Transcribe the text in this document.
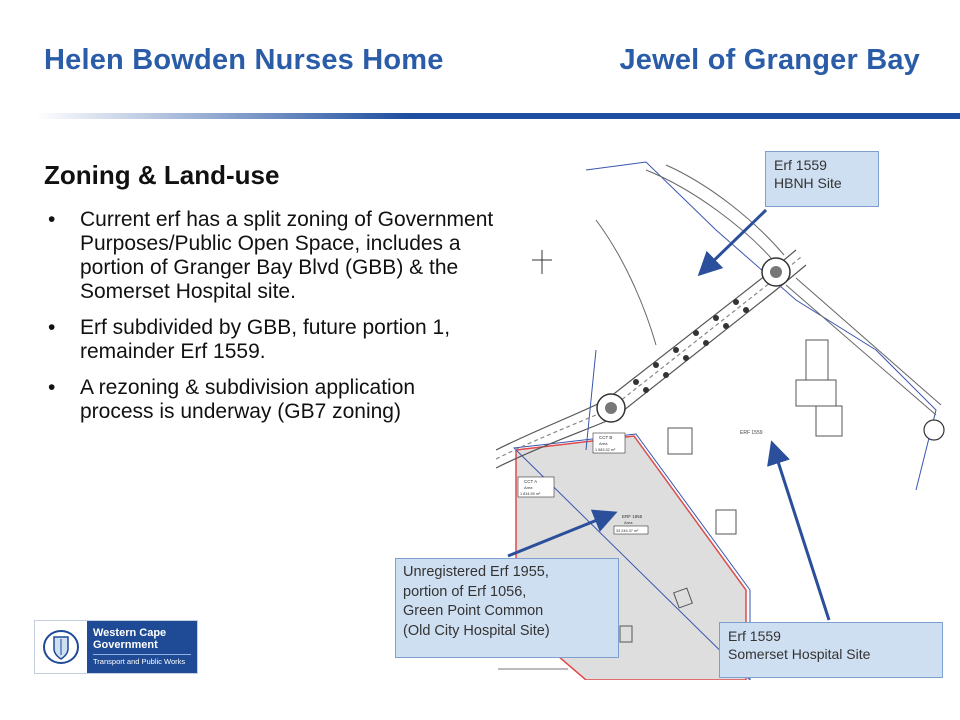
Helen Bowden Nurses Home	Jewel of Granger Bay
Zoning & Land-use
• Current erf has a split zoning of Government Purposes/Public Open Space, includes a portion of Granger Bay Blvd (GBB) & the Somerset Hospital site.
• Erf subdivided by GBB, future portion 1, remainder Erf 1559.
• A rezoning & subdivision application process is underway (GB7 zoning)
ERF 1559
CCT B
Area
1 583.32 m²
CCT A
Area
1 834.59 m²
ERF 1955
Area
33 245.37 m²
Erf 1559
HBNH Site
Unregistered Erf 1955,
portion of Erf 1056,
Green Point Common
(Old City Hospital Site)	Erf 1559
Somerset Hospital Site
Western Cape
Government
Transport and Public Works
